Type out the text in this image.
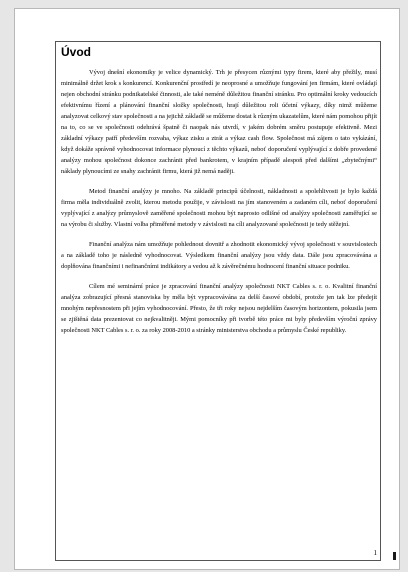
Úvod

Vývoj dnešní ekonomiky je velice dynamický. Trh je přesycen různými typy firem, které aby přežily, musí minimálně držet krok s konkurencí. Konkurenční prostředí je neoprosné a umožňuje fungování jen firmám, které ovládají nejen obchodní stránku podnikatelské činnosti, ale také neméně důležitou finanční stránku. Pro optimální kroky vedoucích efektivnímu řízení a plánování finanční složky společnosti, hrají důležitou roli účetní výkazy, díky nimž můžeme analyzovat celkový stav společnosti a na jejichž základě se můžeme dostat k různým ukazatelům, které nám pomohou přijít na to, co se ve společnosti odehrává špatně či naopak nás utvrdí, v jakém dobrém směru postupuje efektivně. Mezi základní výkazy patří především rozvaha, výkaz zisku a ztrát a výkaz cash flow. Společnost má zájem o tato vykázání, když dokáže správně vyhodnocovat informace plynoucí z těchto výkazů, neboť doporučení vyplývající z dobře provedené analýzy mohou společnost dokonce zachránit před bankrotem, v krajním případě alespoň před dalšími „zbytečnými“ náklady plynoucími ze snahy zachránit firmu, která již nemá naději.

Metod finanční analýzy je mnoho. Na základě principů účelnosti, nákladnosti a spolehlivosti je bylo každá firma měla individuálně zvolit, kterou metodu použije, v závislosti na jím stanoveném a zadaném cíli, neboť doporučení vyplývající z analýzy průmyslově zaměřené společnosti mohou být naprosto odlišné od analýzy společnosti zaměřující se na výrobu či služby. Vlastní volba přiměřené metody v závislosti na cíli analyzované společnosti je tedy stěžejní.

Finanční analýza nám umožňuje pohlednout dovnitř a zhodnotit ekonomický vývoj společnosti v souvislostech a na základě toho je následně vyhodnocovat. Výsledkem finanční analýzy jsou vždy data. Dále jsou zpracovávána a doplňována finančními i nefinančními indikátory a vedou až k závěrečnému hodnocení finanční situace podniku.

Cílem mé seminární práce je zpracování finanční analýzy společnosti NKT Cables s. r. o. Kvalitní finanční analýza zobrazující přesná stanoviska by měla být vypracovávána za delší časové období, protože jen tak lze předejít mnohým nepřesnostem při jejím vyhodnocování. Přesto, že tři roky nejsou nejdelším časovým horizontem, pokusila jsem se zjištěná data prezentovat co nejkvalitněji. Mými pomocníky při tvorbě této práce mi byly především výroční zprávy společnosti NKT Cables s. r. o. za roky 2008-2010 a stránky ministerstva obchodu a průmyslu České republiky.

1
